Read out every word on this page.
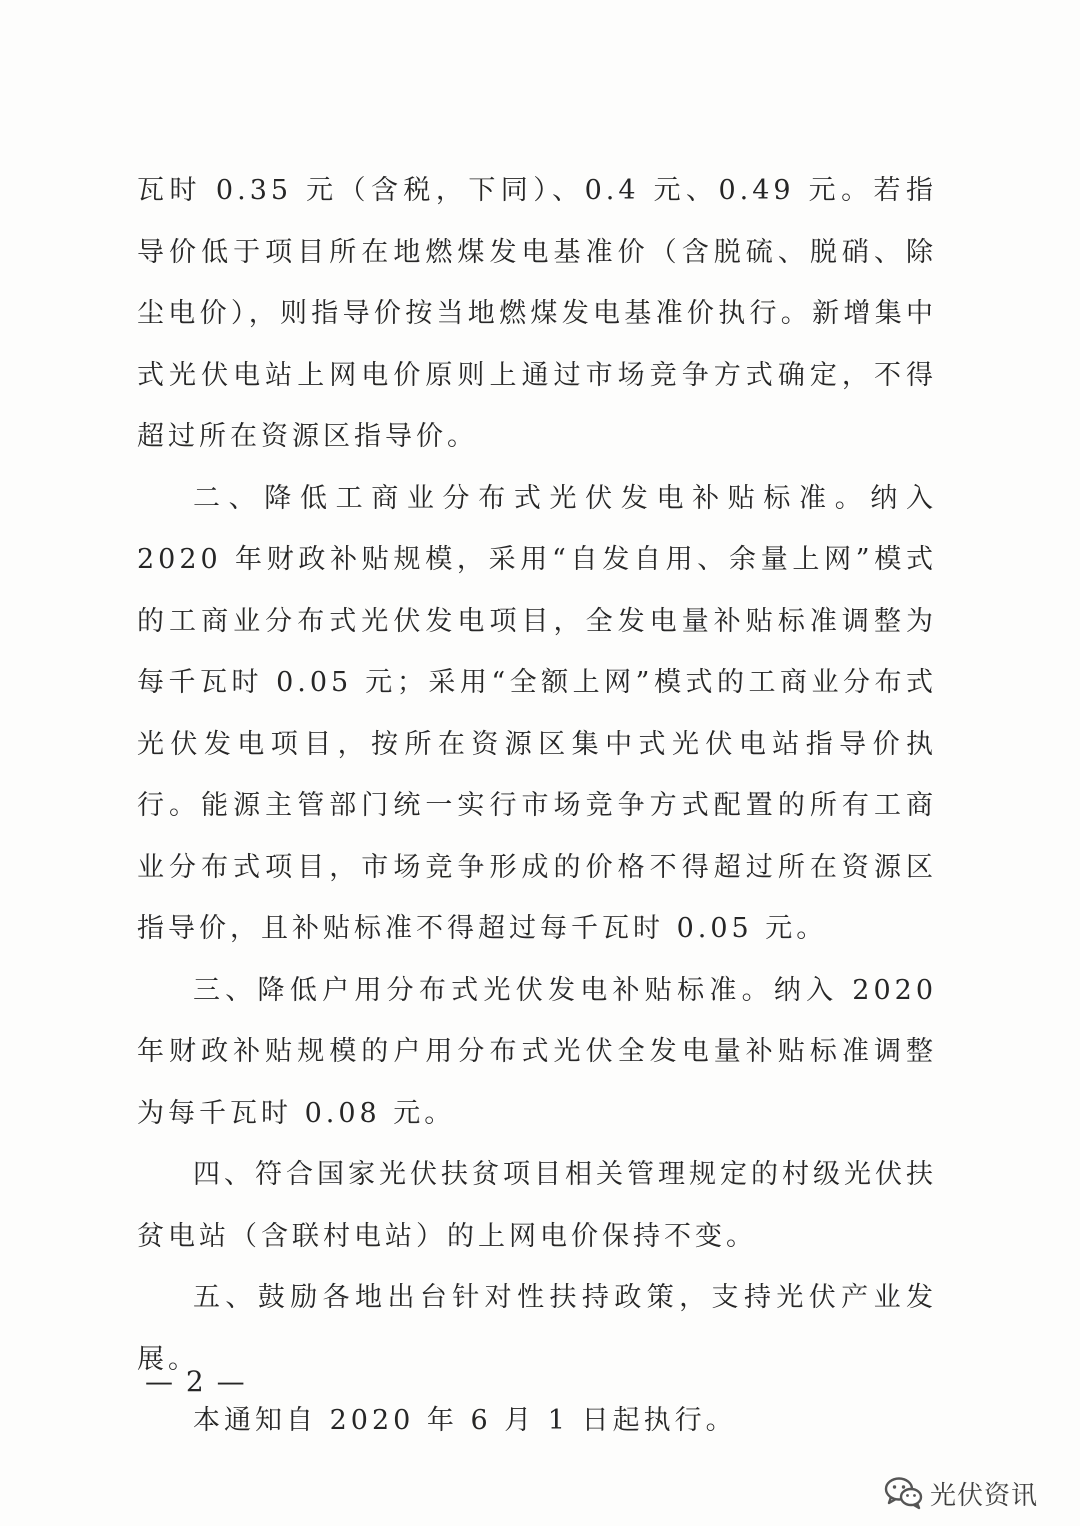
瓦时 0.35 元（含税，下同）、0.4 元、0.49 元。若指导价低于项目所在地燃煤发电基准价（含脱硫、脱硝、除尘电价），则指导价按当地燃煤发电基准价执行。新增集中式光伏电站上网电价原则上通过市场竞争方式确定，不得超过所在资源区指导价。

二、降低工商业分布式光伏发电补贴标准。纳入 2020 年财政补贴规模，采用“自发自用、余量上网”模式的工商业分布式光伏发电项目，全发电量补贴标准调整为每千瓦时 0.05 元；采用“全额上网”模式的工商业分布式光伏发电项目，按所在资源区集中式光伏电站指导价执行。能源主管部门统一实行市场竞争方式配置的所有工商业分布式项目，市场竞争形成的价格不得超过所在资源区指导价，且补贴标准不得超过每千瓦时 0.05 元。

三、降低户用分布式光伏发电补贴标准。纳入 2020 年财政补贴规模的户用分布式光伏全发电量补贴标准调整为每千瓦时 0.08 元。

四、符合国家光伏扶贫项目相关管理规定的村级光伏扶贫电站（含联村电站）的上网电价保持不变。

五、鼓励各地出台针对性扶持政策，支持光伏产业发展。

本通知自 2020 年 6 月 1 日起执行。

— 2 —
光伏资讯
